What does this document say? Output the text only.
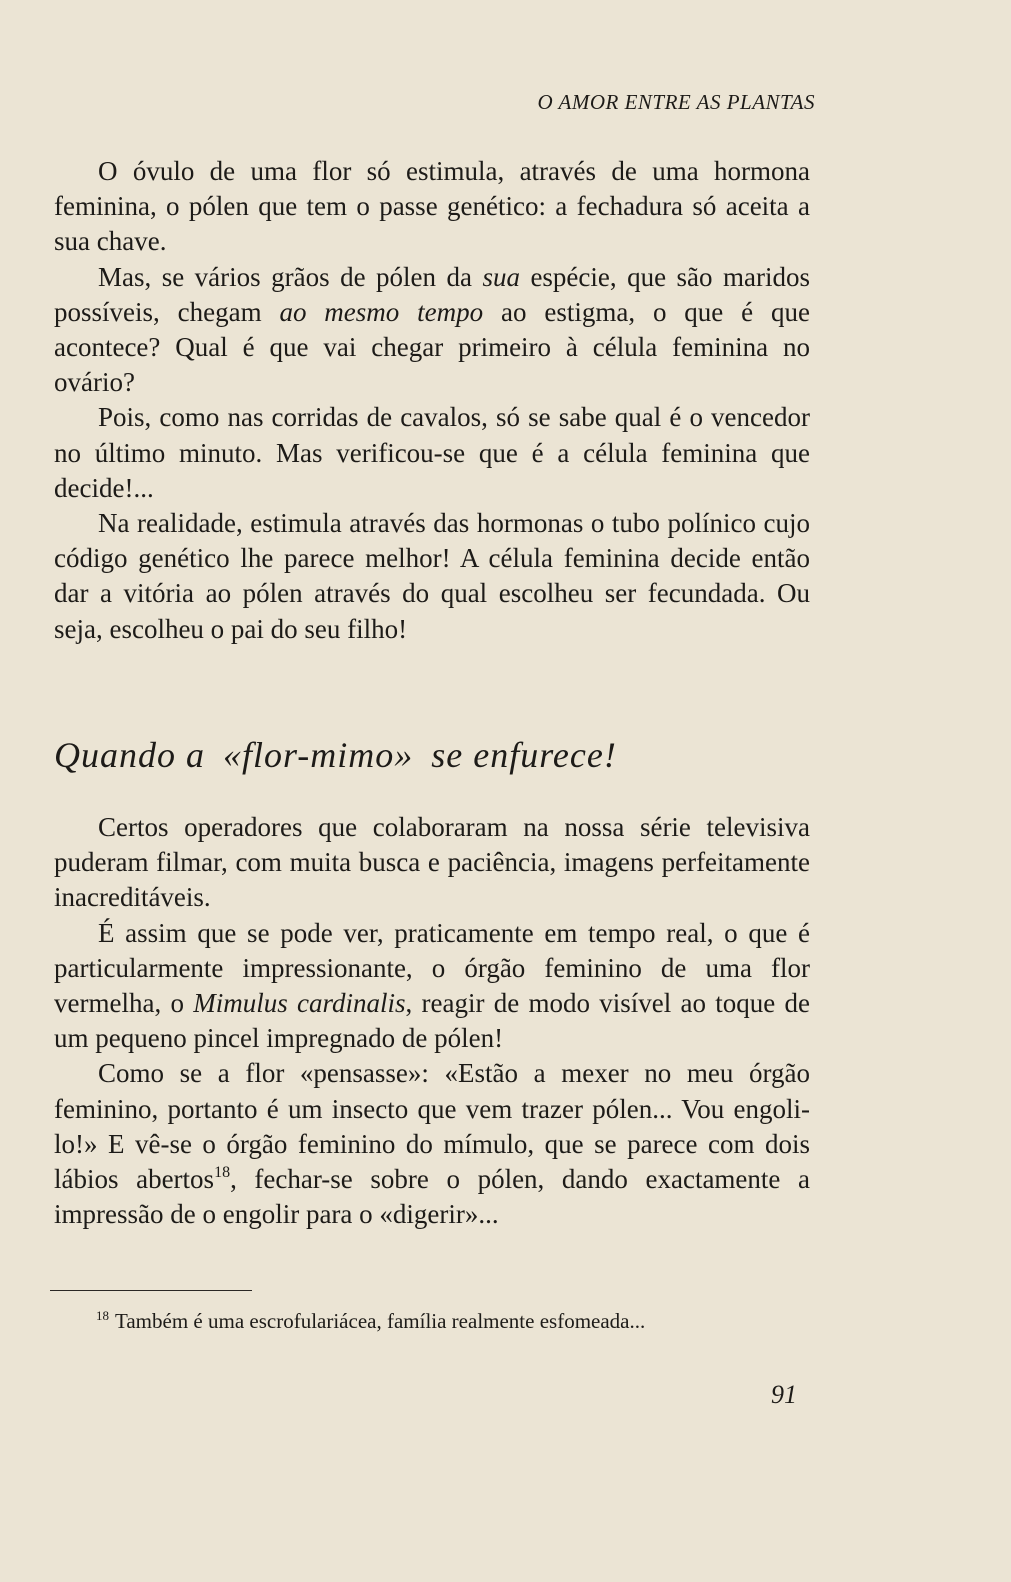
O AMOR ENTRE AS PLANTAS

O óvulo de uma flor só estimula, através de uma hormona feminina, o pólen que tem o passe genético: a fechadura só aceita a sua chave.

Mas, se vários grãos de pólen da sua espécie, que são maridos possíveis, chegam ao mesmo tempo ao estigma, o que é que acontece? Qual é que vai chegar primeiro à célula feminina no ovário?

Pois, como nas corridas de cavalos, só se sabe qual é o vencedor no último minuto. Mas verificou-se que é a célula feminina que decide!...

Na realidade, estimula através das hormonas o tubo polínico cujo código genético lhe parece melhor! A célula feminina decide então dar a vitória ao pólen através do qual escolheu ser fecundada. Ou seja, escolheu o pai do seu filho!

Quando a «flor-mimo» se enfurece!

Certos operadores que colaboraram na nossa série televisiva puderam filmar, com muita busca e paciência, imagens perfeitamente inacreditáveis.

É assim que se pode ver, praticamente em tempo real, o que é particularmente impressionante, o órgão feminino de uma flor vermelha, o Mimulus cardinalis, reagir de modo visível ao toque de um pequeno pincel impregnado de pólen!

Como se a flor «pensasse»: «Estão a mexer no meu órgão feminino, portanto é um insecto que vem trazer pólen... Vou engoli-lo!» E vê-se o órgão feminino do mímulo, que se parece com dois lábios abertos$^{18}$, fechar-se sobre o pólen, dando exactamente a impressão de o engolir para o «digerir»...

$^{18}$ Também é uma escrofulariácea, família realmente esfomeada...
91
